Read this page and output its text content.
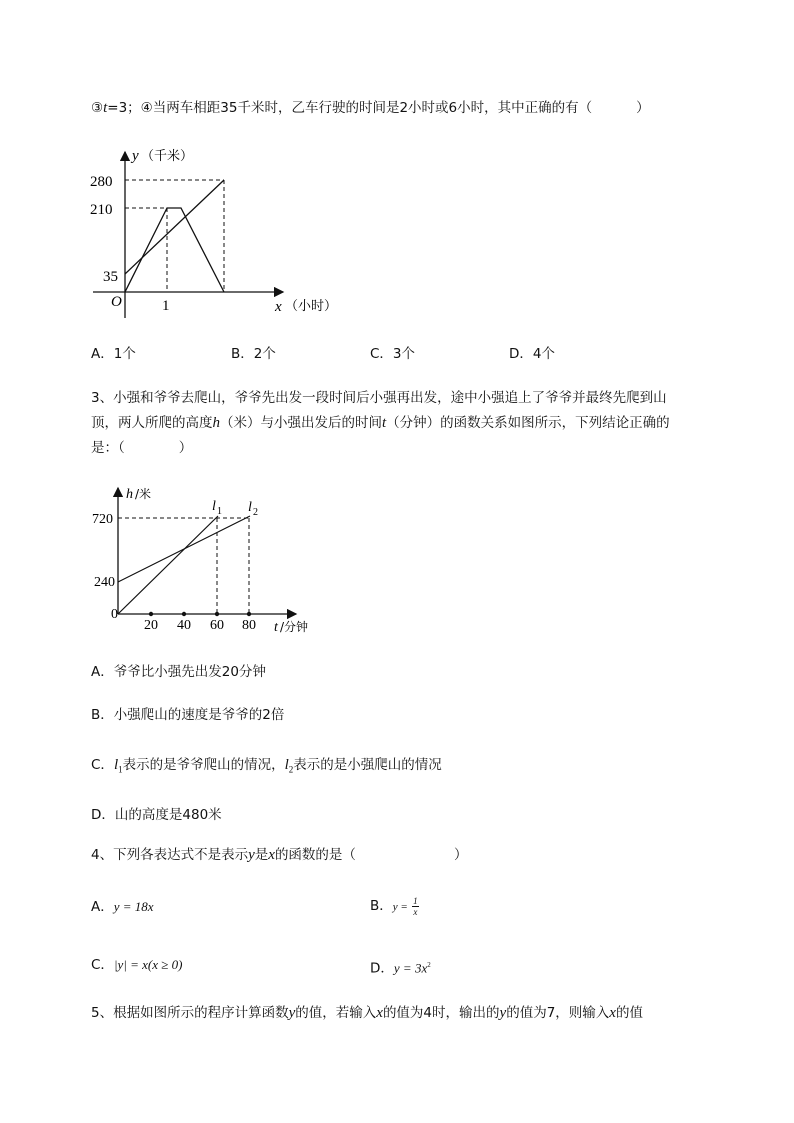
③t=3；④当两车相距35千米时，乙车行驶的时间是2小时或6小时，其中正确的有（	）
y （千米）
280
210
35
O	1	x （小时）
A．1个	B．2个	C．3个	D．4个
3、小强和爷爷去爬山，爷爷先出发一段时间后小强再出发，途中小强追上了爷爷并最终先爬到山
顶，两人所爬的高度h（米）与小强出发后的时间t（分钟）的函数关系如图所示，下列结论正确的
是：（	）
h /米
720
240
0
20 40 60 80 t /分钟
l 1 l 2
A．爷爷比小强先出发20分钟
B．小强爬山的速度是爷爷的2倍
C．$l_1$表示的是爷爷爬山的情况，$l_2$表示的是小强爬山的情况
D．山的高度是480米
4、下列各表达式不是表示y是x的函数的是（	）
A．y = 18x	B．$y = \frac{1}{x}$
C．|y| = x(x ≥ 0)	D．$y = 3x^2$
5、根据如图所示的程序计算函数y的值，若输入x的值为4时，输出的y的值为7，则输入x的值
